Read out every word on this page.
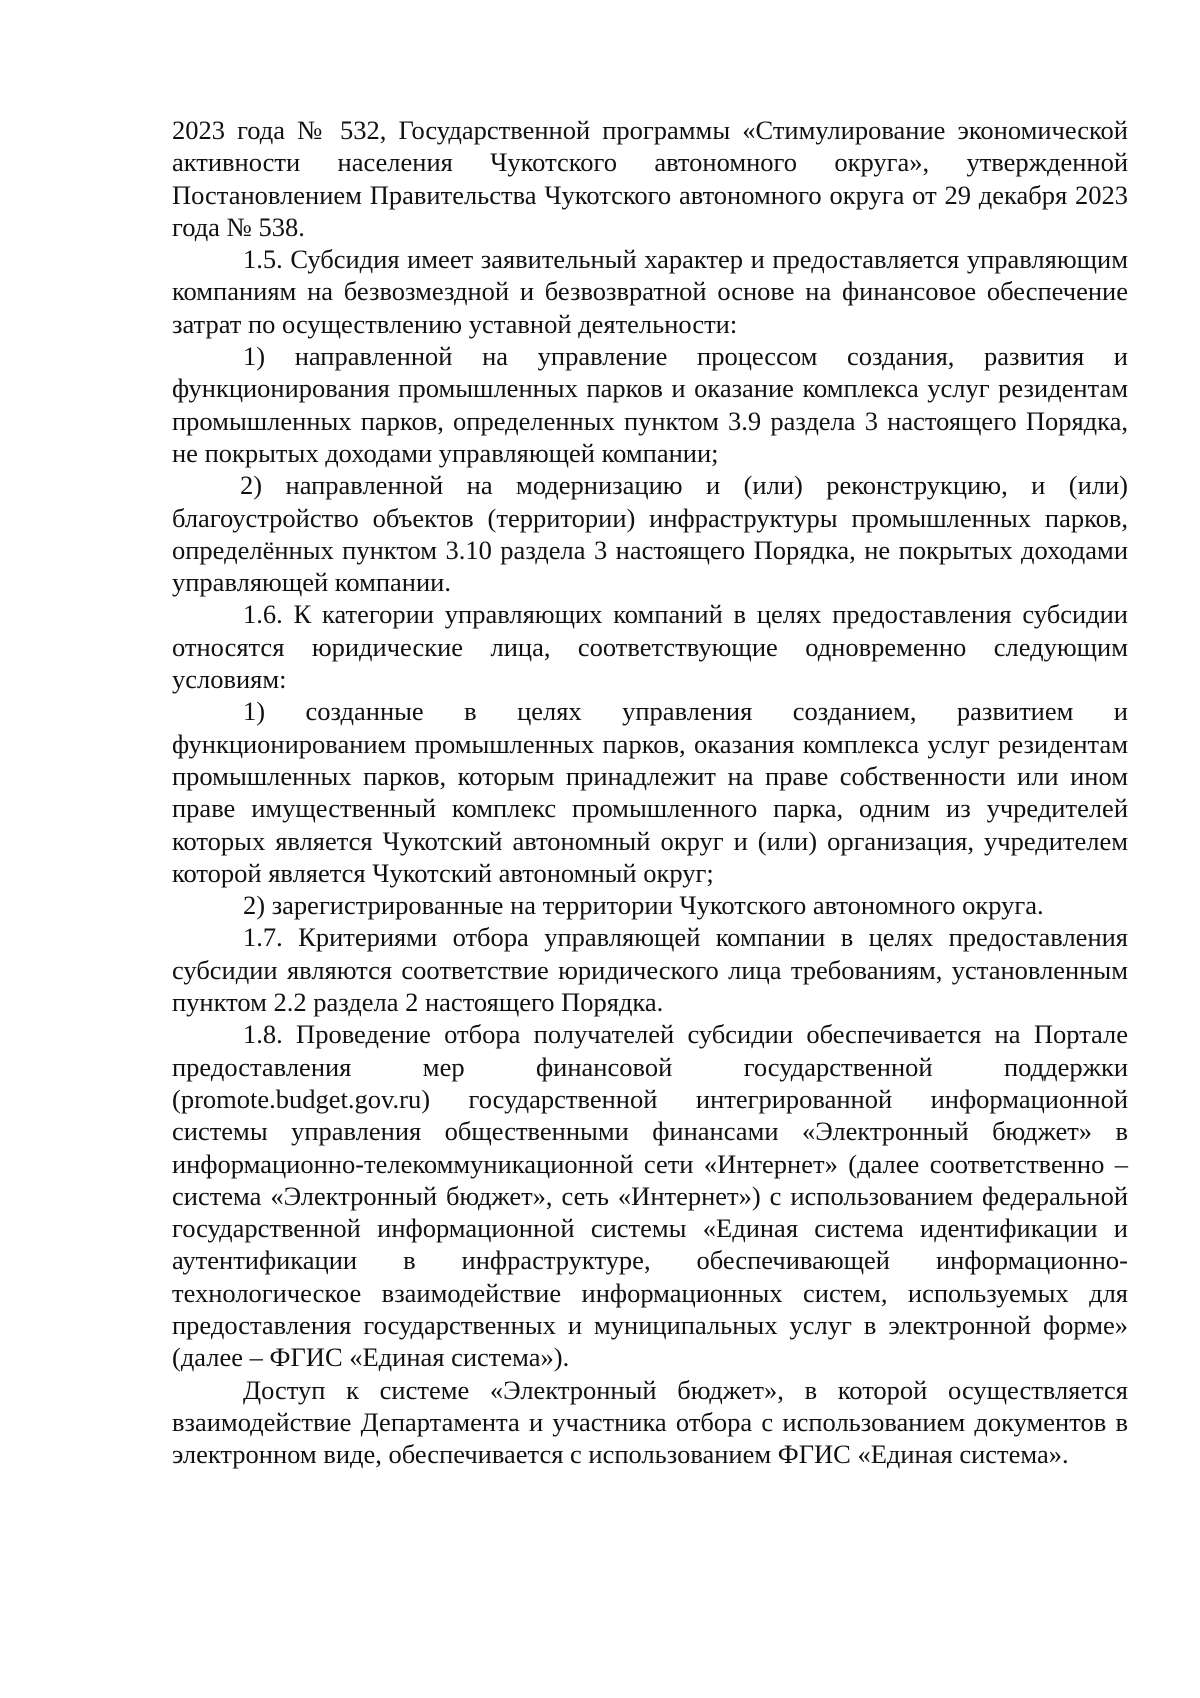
2023 года № 532, Государственной программы «Стимулирование экономической активности населения Чукотского автономного округа», утвержденной Постановлением Правительства Чукотского автономного округа от 29 декабря 2023 года № 538.

1.5. Субсидия имеет заявительный характер и предоставляется управляющим компаниям на безвозмездной и безвозвратной основе на финансовое обеспечение затрат по осуществлению уставной деятельности:

1) направленной на управление процессом создания, развития и функционирования промышленных парков и оказание комплекса услуг резидентам промышленных парков, определенных пунктом 3.9 раздела 3 настоящего Порядка, не покрытых доходами управляющей компании;

2) направленной на модернизацию и (или) реконструкцию, и (или) благоустройство объектов (территории) инфраструктуры промышленных парков, определённых пунктом 3.10 раздела 3 настоящего Порядка, не покрытых доходами управляющей компании.

1.6. К категории управляющих компаний в целях предоставления субсидии относятся юридические лица, соответствующие одновременно следующим условиям:

1) созданные в целях управления созданием, развитием и функционированием промышленных парков, оказания комплекса услуг резидентам промышленных парков, которым принадлежит на праве собственности или ином праве имущественный комплекс промышленного парка, одним из учредителей которых является Чукотский автономный округ и (или) организация, учредителем которой является Чукотский автономный округ;

2) зарегистрированные на территории Чукотского автономного округа.

1.7. Критериями отбора управляющей компании в целях предоставления субсидии являются соответствие юридического лица требованиям, установленным пунктом 2.2 раздела 2 настоящего Порядка.

1.8. Проведение отбора получателей субсидии обеспечивается на Портале предоставления мер финансовой государственной поддержки (promote.budget.gov.ru) государственной интегрированной информационной системы управления общественными финансами «Электронный бюджет» в информационно-телекоммуникационной сети «Интернет» (далее соответственно – система «Электронный бюджет», сеть «Интернет») с использованием федеральной государственной информационной системы «Единая система идентификации и аутентификации в инфраструктуре, обеспечивающей информационно-технологическое взаимодействие информационных систем, используемых для предоставления государственных и муниципальных услуг в электронной форме» (далее – ФГИС «Единая система»).

Доступ к системе «Электронный бюджет», в которой осуществляется взаимодействие Департамента и участника отбора с использованием документов в электронном виде, обеспечивается с использованием ФГИС «Единая система».
